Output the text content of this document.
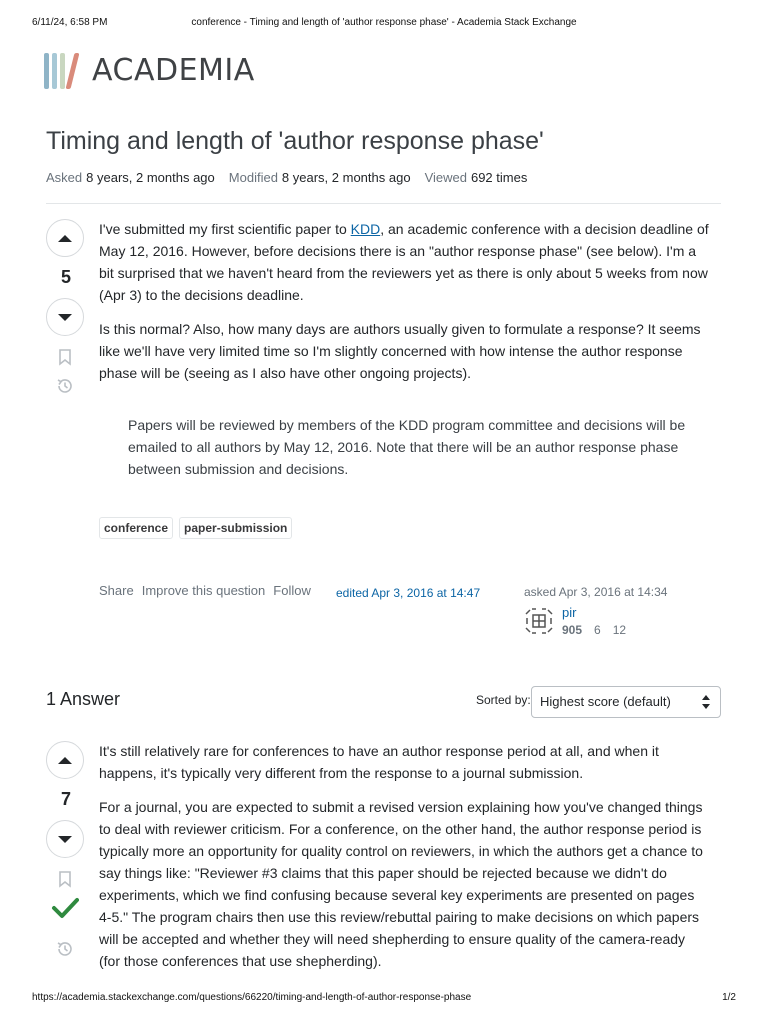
6/11/24, 6:58 PM	conference - Timing and length of 'author response phase' - Academia Stack Exchange
ACADEMIA
Timing and length of 'author response phase'
Asked 8 years, 2 months ago Modified 8 years, 2 months ago Viewed 692 times
5

I've submitted my first scientific paper to KDD, an academic conference with a decision deadline of May 12, 2016. However, before decisions there is an "author response phase" (see below). I'm a bit surprised that we haven't heard from the reviewers yet as there is only about 5 weeks from now (Apr 3) to the decisions deadline.

Is this normal? Also, how many days are authors usually given to formulate a response? It seems like we'll have very limited time so I'm slightly concerned with how intense the author response phase will be (seeing as I also have other ongoing projects).

Papers will be reviewed by members of the KDD program committee and decisions will be emailed to all authors by May 12, 2016. Note that there will be an author response phase between submission and decisions.
conference	paper-submission
Share Improve this question Follow edited Apr 3, 2016 at 14:47	asked Apr 3, 2016 at 14:34
pir
905 6 12
1 Answer	Sorted by: Highest score (default)
7

It's still relatively rare for conferences to have an author response period at all, and when it happens, it's typically very different from the response to a journal submission.

For a journal, you are expected to submit a revised version explaining how you've changed things to deal with reviewer criticism. For a conference, on the other hand, the author response period is typically more an opportunity for quality control on reviewers, in which the authors get a chance to say things like: "Reviewer #3 claims that this paper should be rejected because we didn't do experiments, which we find confusing because several key experiments are presented on pages 4-5." The program chairs then use this review/rebuttal pairing to make decisions on which papers will be accepted and whether they will need shepherding to ensure quality of the camera-ready (for those conferences that use shepherding).

https://academia.stackexchange.com/questions/66220/timing-and-length-of-author-response-phase	1/2
